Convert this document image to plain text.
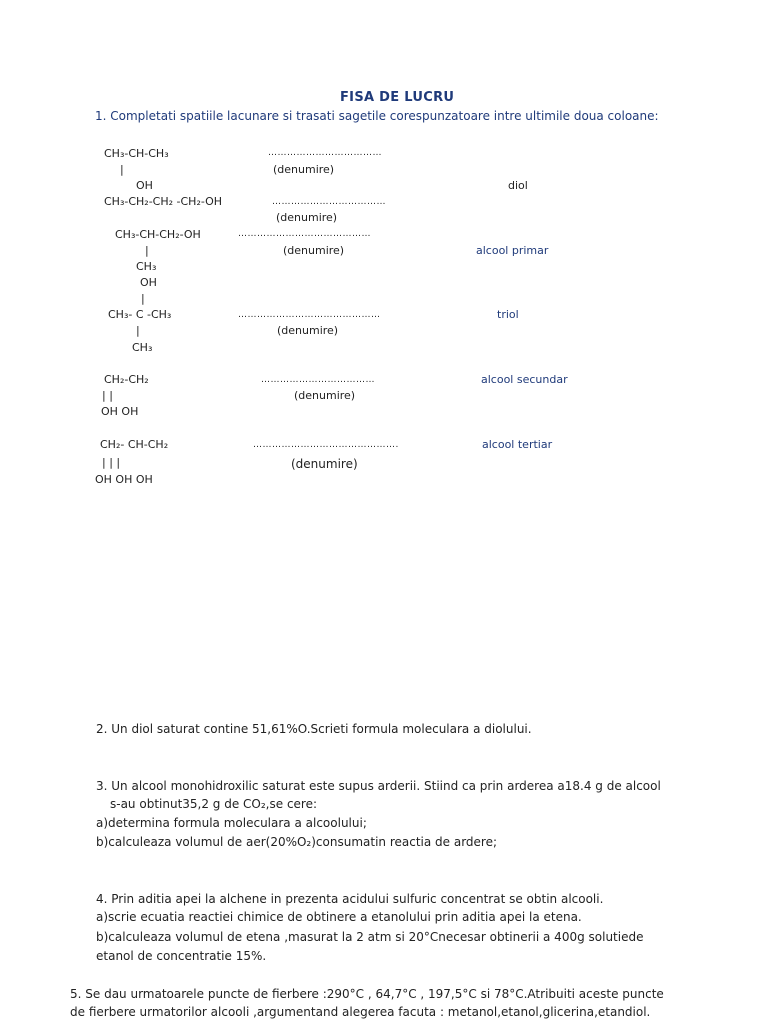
FISA DE LUCRU
1. Completati spatiile lacunare si trasati sagetile corespunzatoare intre ultimile doua coloane:
CH₃-CH-CH₃
|
OH
………………………………
(denumire)
diol
CH₃-CH₂-CH₂ -CH₂-OH	………………………………
(denumire)
CH₃-CH-CH₂-OH
|
CH₃
……………………………………
(denumire)	alcool primar
OH
|
CH₃- C -CH₃
|
CH₃
………………………………………
(denumire)
triol
CH₂-CH₂
| |
OH OH
………………………………
(denumire)
alcool secundar
CH₂- CH-CH₂
| | |
OH OH OH
……………………………………….
(denumire)
alcool tertiar
2. Un diol saturat contine 51,61%O.Scrieti formula moleculara a diolului.
3. Un alcool monohidroxilic saturat este supus arderii. Stiind ca prin arderea a18.4 g de alcool
s-au obtinut35,2 g de CO₂,se cere:
a)determina formula moleculara a alcoolului;
b)calculeaza volumul de aer(20%O₂)consumatin reactia de ardere;
4. Prin aditia apei la alchene in prezenta acidului sulfuric concentrat se obtin alcooli.
a)scrie ecuatia reactiei chimice de obtinere a etanolului prin aditia apei la etena.
b)calculeaza volumul de etena ,masurat la 2 atm si 20°Cnecesar obtinerii a 400g solutiede
etanol de concentratie 15%.
5. Se dau urmatoarele puncte de fierbere :290°C , 64,7°C , 197,5°C si 78°C.Atribuiti aceste puncte
de fierbere urmatorilor alcooli ,argumentand alegerea facuta : metanol,etanol,glicerina,etandiol.
